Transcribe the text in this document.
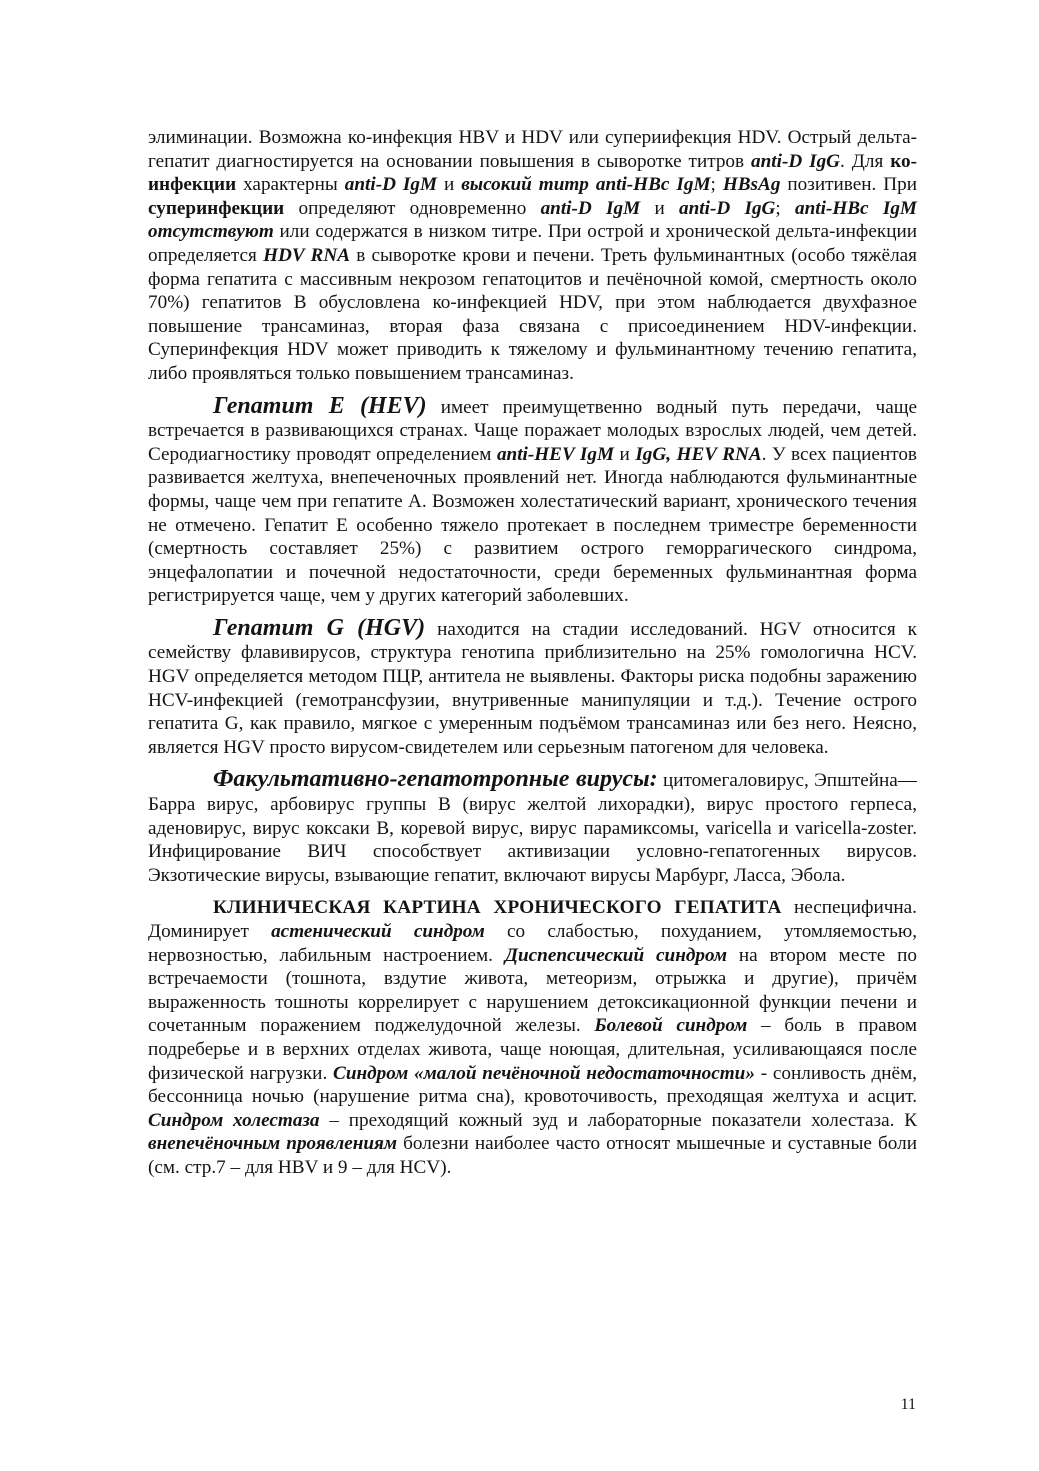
элиминации. Возможна ко-инфекция HBV и HDV или супериифекция HDV. Острый дельта-гепатит диагностируется на основании повышения в сыворотке титров anti-D IgG. Для ко-инфекции характерны anti-D IgM и высокий титр anti-HBc IgM; HBsAg позитивен. При суперинфекции определяют одновременно anti-D IgM и anti-D IgG; anti-HBc IgM отсутствуют или содержатся в низком титре. При острой и хронической дельта-инфекции определяется HDV RNA в сыворотке крови и печени. Треть фульминантных (особо тяжёлая форма гепатита с массивным некрозом гепатоцитов и печёночной комой, смертность около 70%) гепатитов В обусловлена ко-инфекцией HDV, при этом наблюдается двухфазное повышение трансаминаз, вторая фаза связана с присоединением HDV-инфекции. Суперинфекция HDV может приводить к тяжелому и фульминантному течению гепатита, либо проявляться только повышением трансаминаз.

Гепатит Е (HEV) имеет преимущетвенно водный путь передачи, чаще встречается в развивающихся странах. Чаще поражает молодых взрослых людей, чем детей. Серодиагностику проводят определением anti-HEV IgM и IgG, HEV RNA. У всех пациентов развивается желтуха, внепеченочных проявлений нет. Иногда наблюдаются фульминантные формы, чаще чем при гепатите А. Возможен холестатический вариант, хронического течения не отмечено. Гепатит Е особенно тяжело протекает в последнем триместре беременности (смертность составляет 25%) с развитием острого геморрагического синдрома, энцефалопатии и почечной недостаточности, среди беременных фульминантная форма регистрируется чаще, чем у других категорий заболевших.

Гепатит G (HGV) находится на стадии исследований. HGV относится к семейству флавивирусов, структура генотипа приблизительно на 25% гомологична HCV. HGV определяется методом ПЦР, антитела не выявлены. Факторы риска подобны заражению HCV-инфекцией (гемотрансфузии, внутривенные манипуляции и т.д.). Течение острого гепатита G, как правило, мягкое с умеренным подъёмом трансаминаз или без него. Неясно, является HGV просто вирусом-свидетелем или серьезным патогеном для человека.

Факультативно-гепатотропные вирусы: цитомегаловирус, Эпштейна—Барра вирус, арбовирус группы В (вирус желтой лихорадки), вирус простого герпеса, аденовирус, вирус коксаки В, коревой вирус, вирус парамиксомы, varicella и varicella-zoster. Инфицирование ВИЧ способствует активизации условно-гепатогенных вирусов. Экзотические вирусы, взывающие гепатит, включают вирусы Марбург, Ласса, Эбола.

КЛИНИЧЕСКАЯ КАРТИНА ХРОНИЧЕСКОГО ГЕПАТИТА неспецифична. Доминирует астенический синдром со слабостью, похуданием, утомляемостью, нервозностью, лабильным настроением. Диспепсический синдром на втором месте по встречаемости (тошнота, вздутие живота, метеоризм, отрыжка и другие), причём выраженность тошноты коррелирует с нарушением детоксикационной функции печени и сочетанным поражением поджелудочной железы. Болевой синдром – боль в правом подреберье и в верхних отделах живота, чаще ноющая, длительная, усиливающаяся после физической нагрузки. Синдром «малой печёночной недостаточности» - сонливость днём, бессонница ночью (нарушение ритма сна), кровоточивость, преходящая желтуха и асцит. Синдром холестаза – преходящий кожный зуд и лабораторные показатели холестаза. К внепечёночным проявлениям болезни наиболее часто относят мышечные и суставные боли (см. стр.7 – для HBV и 9 – для HCV).

11
